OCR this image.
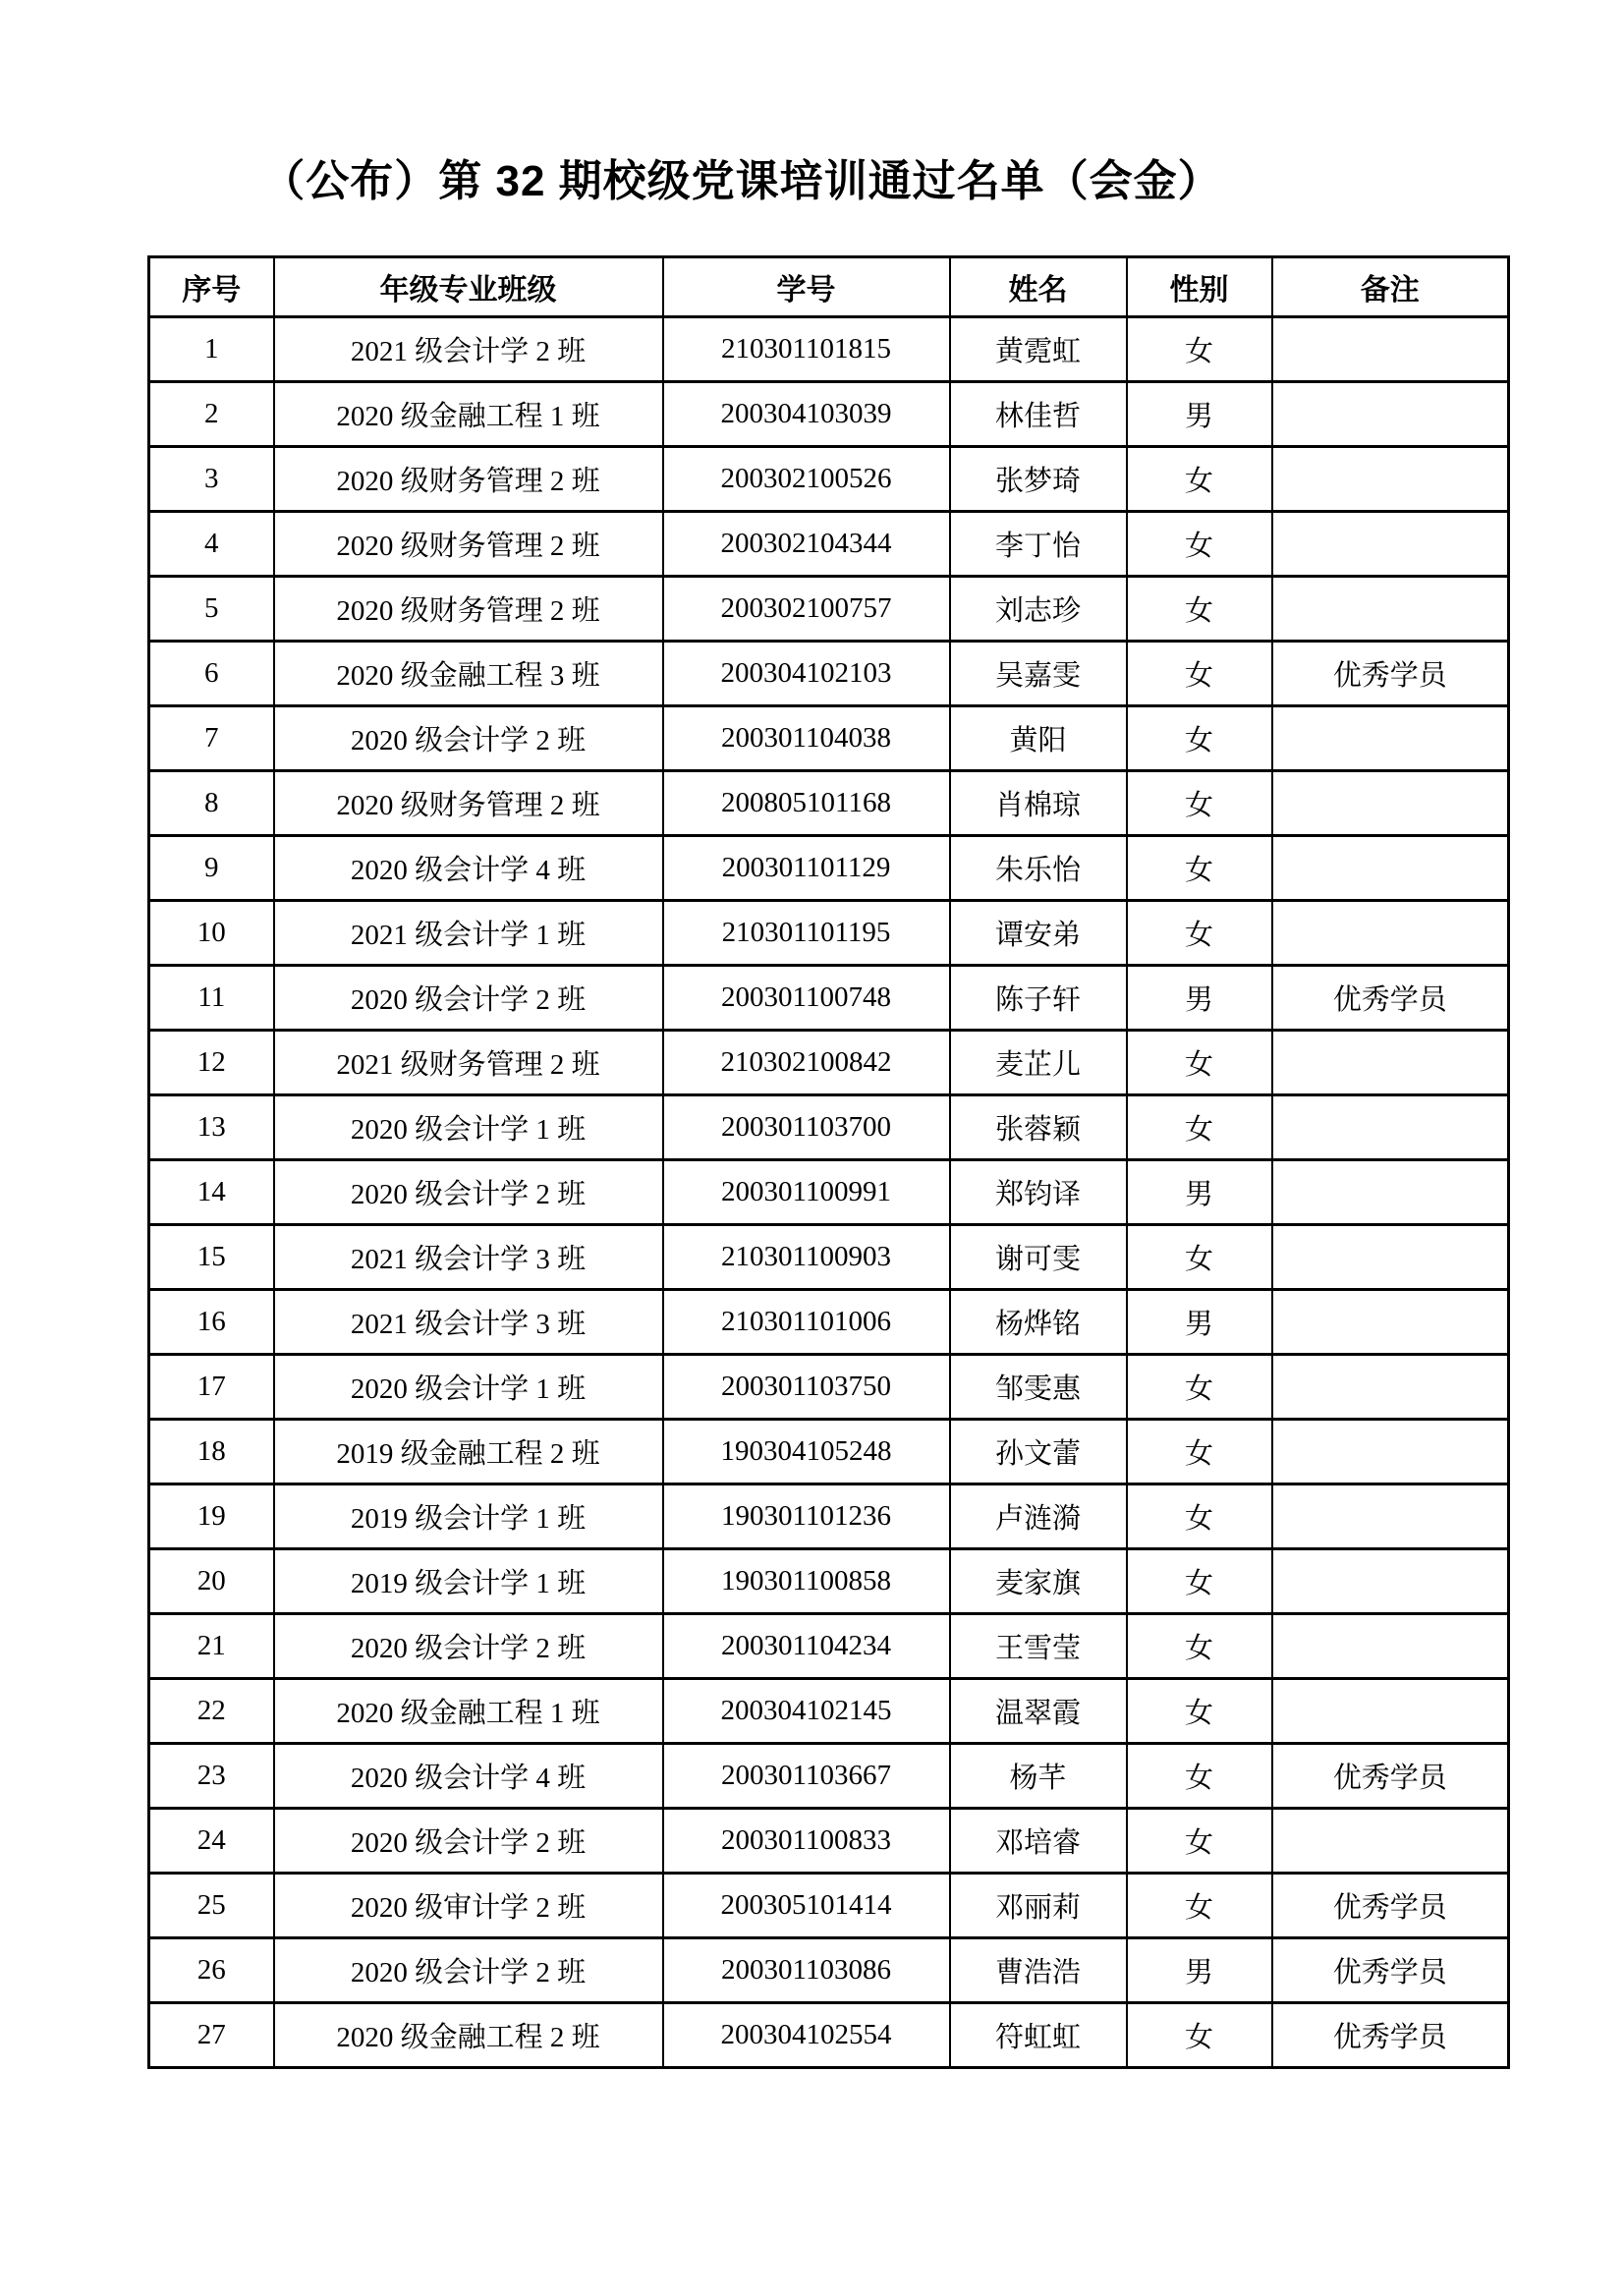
（公布）第 32 期校级党课培训通过名单（会金）
序号	年级专业班级	学号	姓名	性别	备注
1	2021 级会计学 2 班	210301101815	黄霓虹	女	
2	2020 级金融工程 1 班	200304103039	林佳哲	男	
3	2020 级财务管理 2 班	200302100526	张梦琦	女	
4	2020 级财务管理 2 班	200302104344	李丁怡	女	
5	2020 级财务管理 2 班	200302100757	刘志珍	女	
6	2020 级金融工程 3 班	200304102103	吴嘉雯	女	优秀学员
7	2020 级会计学 2 班	200301104038	黄阳	女	
8	2020 级财务管理 2 班	200805101168	肖棉琼	女	
9	2020 级会计学 4 班	200301101129	朱乐怡	女	
10	2021 级会计学 1 班	210301101195	谭安弟	女	
11	2020 级会计学 2 班	200301100748	陈子轩	男	优秀学员
12	2021 级财务管理 2 班	210302100842	麦芷儿	女	
13	2020 级会计学 1 班	200301103700	张蓉颖	女	
14	2020 级会计学 2 班	200301100991	郑钧译	男	
15	2021 级会计学 3 班	210301100903	谢可雯	女	
16	2021 级会计学 3 班	210301101006	杨烨铭	男	
17	2020 级会计学 1 班	200301103750	邹雯惠	女	
18	2019 级金融工程 2 班	190304105248	孙文蕾	女	
19	2019 级会计学 1 班	190301101236	卢涟漪	女	
20	2019 级会计学 1 班	190301100858	麦家旗	女	
21	2020 级会计学 2 班	200301104234	王雪莹	女	
22	2020 级金融工程 1 班	200304102145	温翠霞	女	
23	2020 级会计学 4 班	200301103667	杨芊	女	优秀学员
24	2020 级会计学 2 班	200301100833	邓培睿	女	
25	2020 级审计学 2 班	200305101414	邓丽莉	女	优秀学员
26	2020 级会计学 2 班	200301103086	曹浩浩	男	优秀学员
27	2020 级金融工程 2 班	200304102554	符虹虹	女	优秀学员
